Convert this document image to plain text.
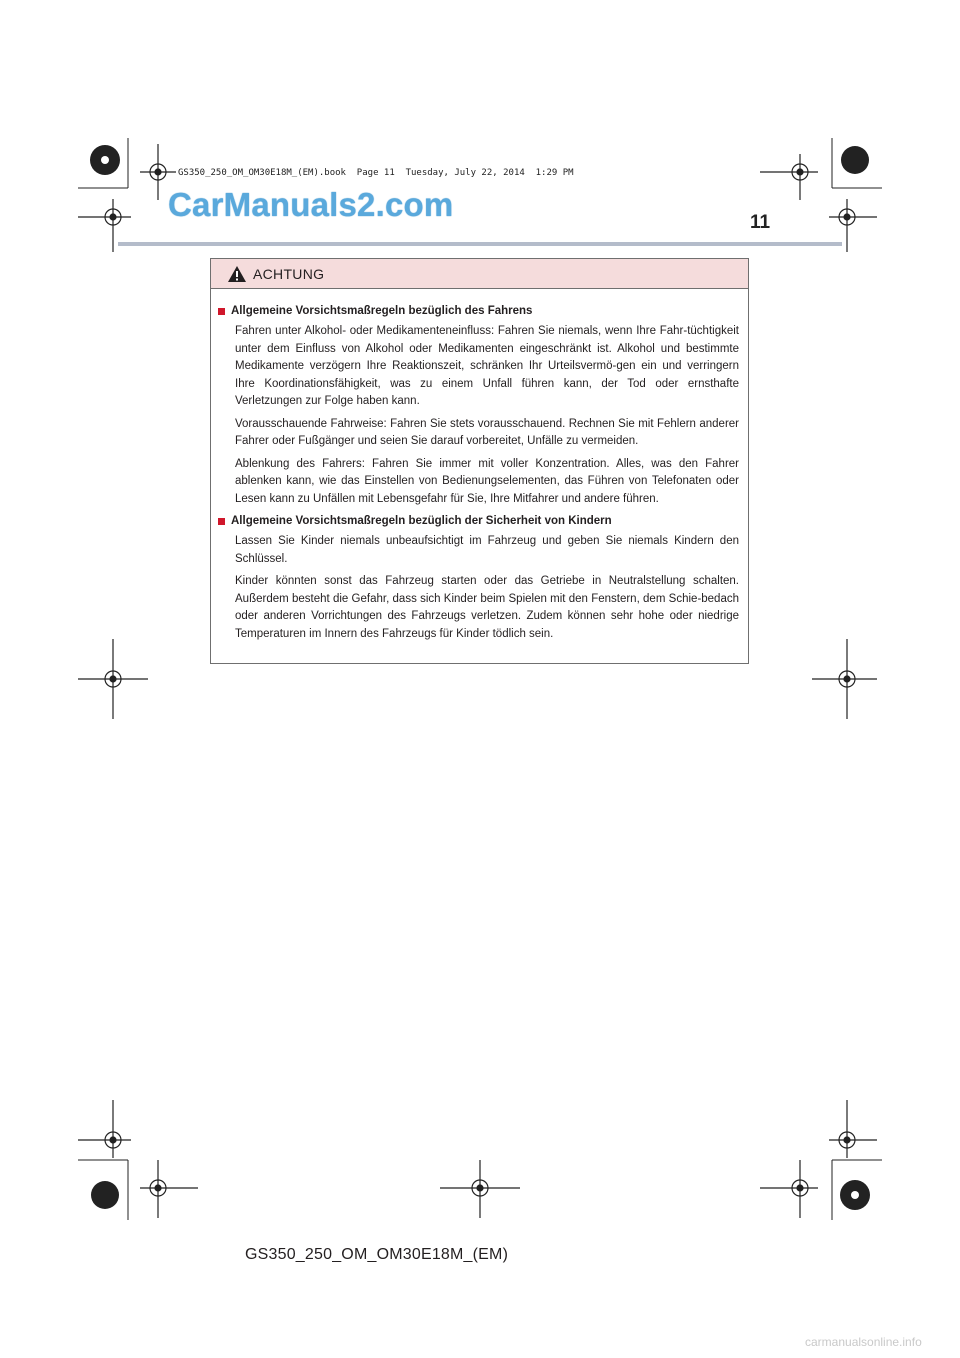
GS350_250_OM_OM30E18M_(EM).book  Page 11  Tuesday, July 22, 2014  1:29 PM
CarManuals2.com	11
ACHTUNG
Allgemeine Vorsichtsmaßregeln bezüglich des Fahrens

Fahren unter Alkohol- oder Medikamenteneinfluss: Fahren Sie niemals, wenn Ihre Fahr-tüchtigkeit unter dem Einfluss von Alkohol oder Medikamenten eingeschränkt ist. Alkohol und bestimmte Medikamente verzögern Ihre Reaktionszeit, schränken Ihr Urteilsvermö-gen ein und verringern Ihre Koordinationsfähigkeit, was zu einem Unfall führen kann, der Tod oder ernsthafte Verletzungen zur Folge haben kann.

Vorausschauende Fahrweise: Fahren Sie stets vorausschauend. Rechnen Sie mit Fehlern anderer Fahrer oder Fußgänger und seien Sie darauf vorbereitet, Unfälle zu vermeiden.

Ablenkung des Fahrers: Fahren Sie immer mit voller Konzentration. Alles, was den Fahrer ablenken kann, wie das Einstellen von Bedienungselementen, das Führen von Telefonaten oder Lesen kann zu Unfällen mit Lebensgefahr für Sie, Ihre Mitfahrer und andere führen.

Allgemeine Vorsichtsmaßregeln bezüglich der Sicherheit von Kindern

Lassen Sie Kinder niemals unbeaufsichtigt im Fahrzeug und geben Sie niemals Kindern den Schlüssel.

Kinder könnten sonst das Fahrzeug starten oder das Getriebe in Neutralstellung schalten. Außerdem besteht die Gefahr, dass sich Kinder beim Spielen mit den Fenstern, dem Schie-bedach oder anderen Vorrichtungen des Fahrzeugs verletzen. Zudem können sehr hohe oder niedrige Temperaturen im Innern des Fahrzeugs für Kinder tödlich sein.

GS350_250_OM_OM30E18M_(EM)
carmanualsonline.info
